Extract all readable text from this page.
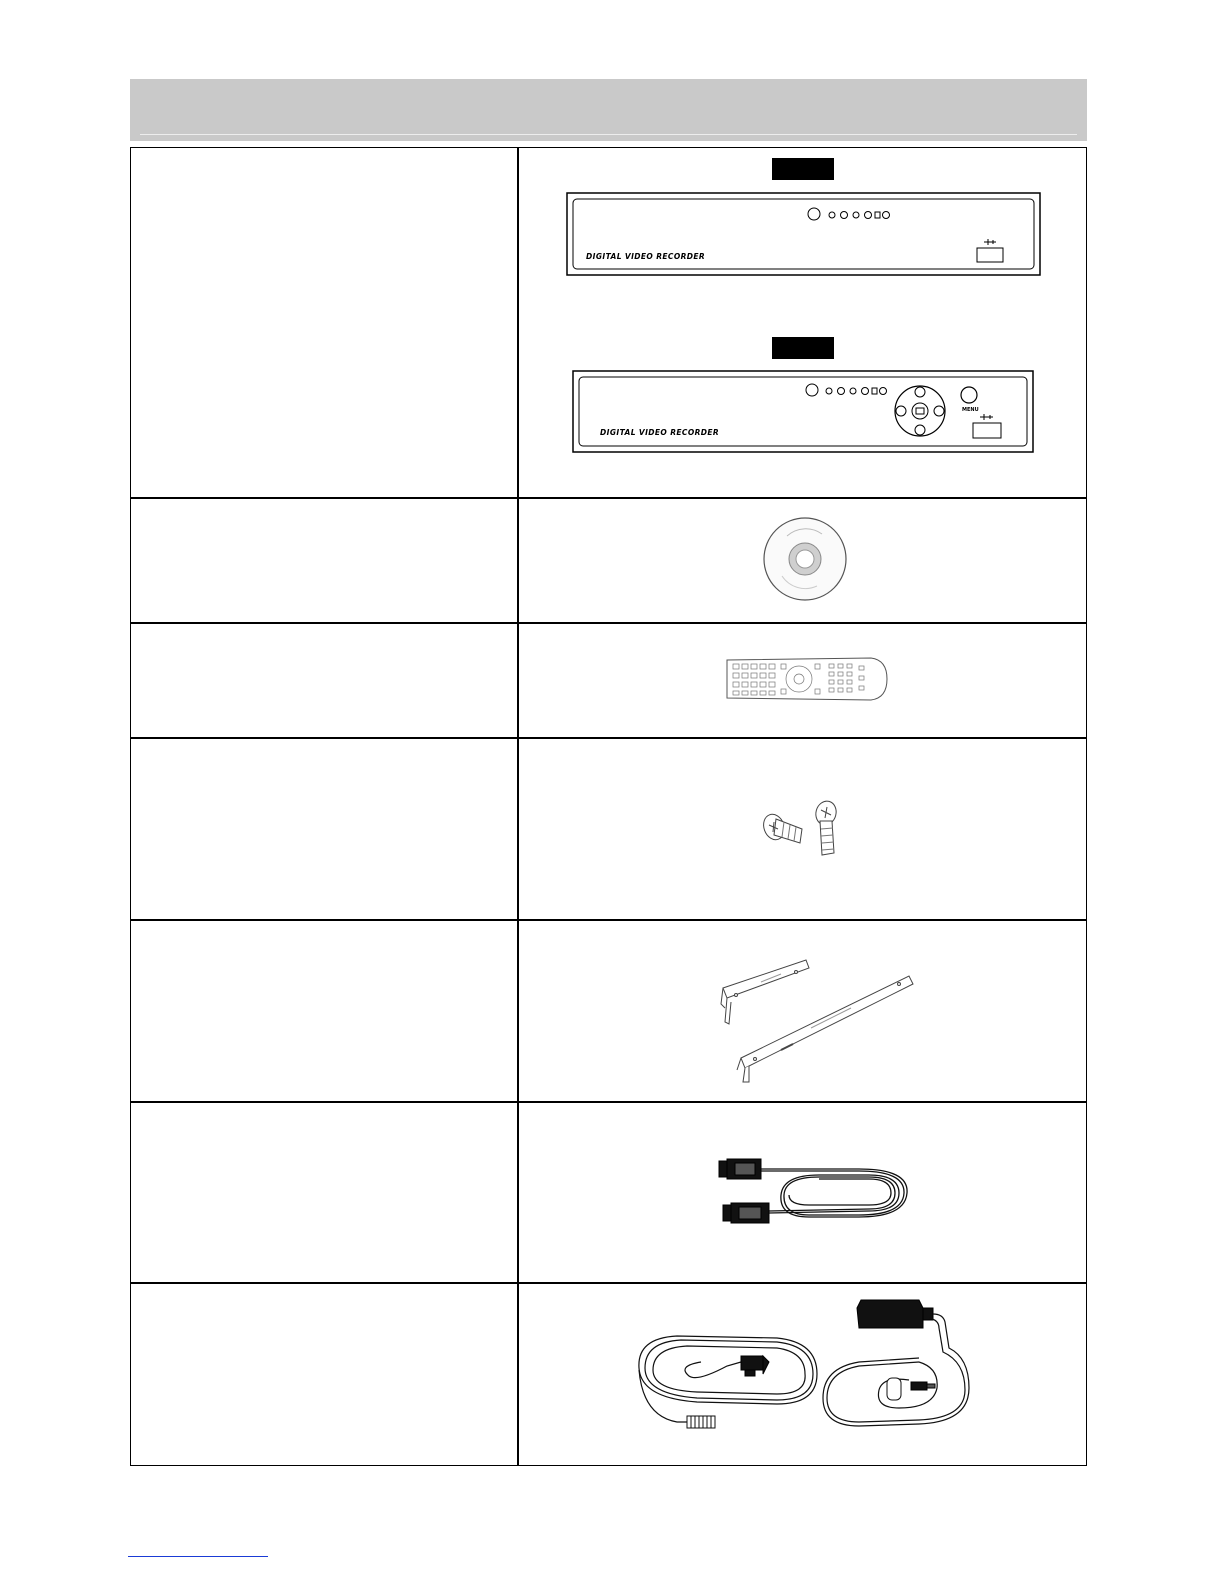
DIGITAL VIDEO RECORDER
MENU
DIGITAL VIDEO RECORDER
